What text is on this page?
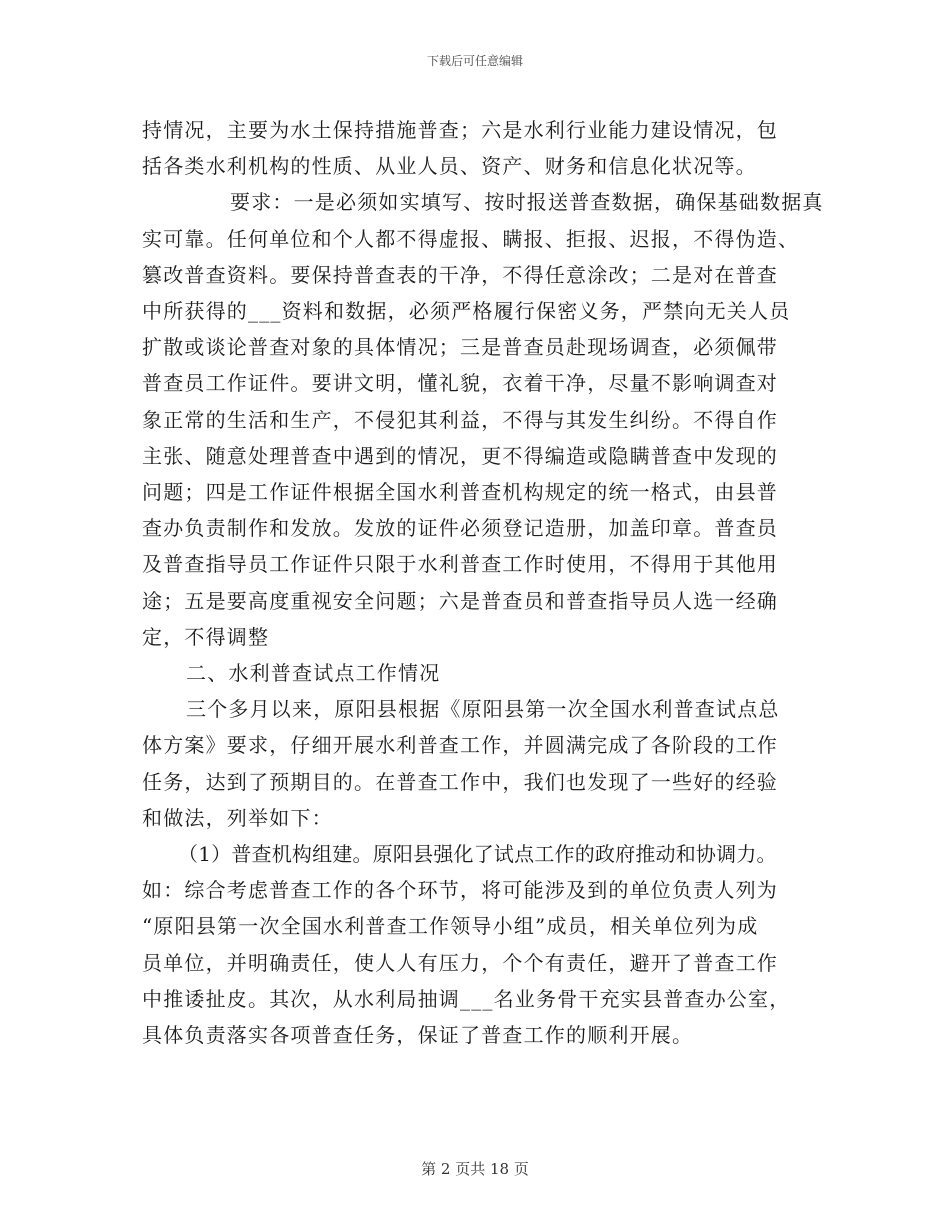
下载后可任意编辑

持情况，主要为水土保持措施普查；六是水利行业能力建设情况，包
括各类水利机构的性质、从业人员、资产、财务和信息化状况等。

要求：一是必须如实填写、按时报送普查数据，确保基础数据真
实可靠。任何单位和个人都不得虚报、瞒报、拒报、迟报，不得伪造、
篡改普查资料。要保持普查表的干净，不得任意涂改；二是对在普查
中所获得的___资料和数据，必须严格履行保密义务，严禁向无关人员
扩散或谈论普查对象的具体情况；三是普查员赴现场调查，必须佩带
普查员工作证件。要讲文明，懂礼貌，衣着干净，尽量不影响调查对
象正常的生活和生产，不侵犯其利益，不得与其发生纠纷。不得自作
主张、随意处理普查中遇到的情况，更不得编造或隐瞒普查中发现的
问题；四是工作证件根据全国水利普查机构规定的统一格式，由县普
查办负责制作和发放。发放的证件必须登记造册，加盖印章。普查员
及普查指导员工作证件只限于水利普查工作时使用，不得用于其他用
途；五是要高度重视安全问题；六是普查员和普查指导员人选一经确
定，不得调整

二、水利普查试点工作情况

三个多月以来，原阳县根据《原阳县第一次全国水利普查试点总
体方案》要求，仔细开展水利普查工作，并圆满完成了各阶段的工作
任务，达到了预期目的。在普查工作中，我们也发现了一些好的经验
和做法，列举如下：

（1）普查机构组建。原阳县强化了试点工作的政府推动和协调力。
如：综合考虑普查工作的各个环节，将可能涉及到的单位负责人列为
“原阳县第一次全国水利普查工作领导小组”成员，相关单位列为成
员单位，并明确责任，使人人有压力，个个有责任，避开了普查工作
中推诿扯皮。其次，从水利局抽调___名业务骨干充实县普查办公室，
具体负责落实各项普查任务，保证了普查工作的顺利开展。

第 2 页共 18 页
